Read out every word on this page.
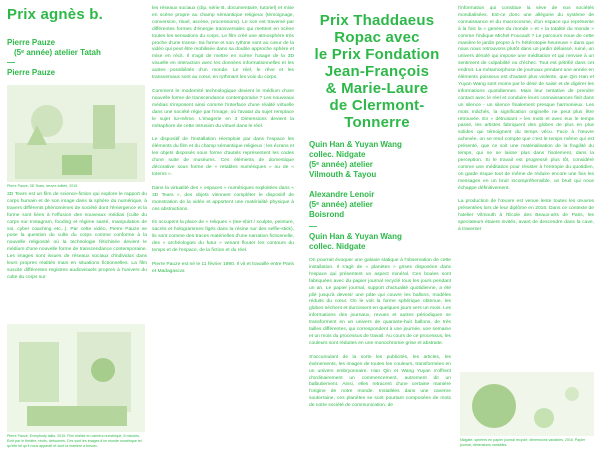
Prix agnès b.
Pierre Pauze
(5ᵉ année) atelier Tatah
—
Pierre Pauze
Pierre Pauze, 3D Tears, œuvre éditée, 2015.
3D Tears est un film de science-fiction qui explore le rapport du corps humain et de son image dans la sphère du numérique, à travers différents phénomènes de société dont l'émergence et la forme sont liées à l'effusion des nouveaux médias (culte du corps sur Instagram, fooding et régime santé, manipulation de soi, cyber coaching etc...). Par cette vidéo, Pierre Pauze se pose la question du culte du corps comme conforme à la nouvelle religiosité où la technologie fétichisée devient le médium d'une nouvelle forme de transcendance contemporaine. Les images sont issues de réseaux sociaux d'individus dans leurs propres réalités mais en situations fictionnelles. La film suscite différentes registres audiovisuels propres à l'univers du culte du corps sur
Pierre Pauze, Everybody talks, 2015. Film réalisé en caméra numérique, 6 minutes, Ecrit par le théâtre, récits, détournés, Ces sont les images d'un monde numérique tel qu'elle tel qu'il nous apparaît et dont la manière a besoin.

les réseaux sociaux (clip, série B, documentaire, tutoriel) et mise en scène propre au champ sémantique religieux (témoignage, conversion, rituel, ascèse, processions). Le son est traversé par différentes formes d'énergie transversales qui mettent en scène toutes les sensations du corps. Le film créé une atmosphère très proche d'une transe. Sa forme et son rythme sont au cœur de la vidéo qui peut être mobilisée dans sa double approche sphère et mise en récit. Il s'agit de mettre en scène l'usage de la 3D visuelle en interaction avec les données informationnelles et les autres possibilités d'un monde. Le réel, le rêve et les transversaux sont au cœur, en rythmant les voix du corps.

Comment le modernité technologique devient le médium d'une nouvelle forme de transcendance contemporaine ? Les nouveaux médias s'imposent ainsi comme l'interface d'une réalité virtuelle dans une société régie par l'image, où l'avatar du sujet remplace le sujet lui-même. L'imagerie en 3 Dimensions devient la métaphore de cette intrusion du virtuel dans le réel.

Le dispositif de l'installation réemploie par dans l'espace les éléments du film et du champ sémantique religieux ; les écrans et les objets disposés sous forme d'autels représentent les codes d'une suite de muséums. Ces éléments de domestique décorative sous forme de « retables numériques » ou de « totems ».

Dans la virtualité des « espaces » numériques exploitées dans « 3D Tears », des objets viennent compléter le dispositif de monstration de la vidéo et apportent une matérialité physique à ces abstractions.

Ils occupent la place de « reliques » (tee-shirt / sculpte, peinture, sacrés et hologrammes figés dans la résine sur des selfie-stick), ils sont comme des traces matérielles d'une narration fictionnelle, des « archéologies du futur » venant flouter les contours du temps et de l'espace, de la fiction et du réel.

Pierre Pauze est né le 11 février 1990. Il vit et travaille entre Paris et Madagascar.

Prix Thaddaeus
Ropac avec
le Prix Fondation
Jean-François
& Marie-Laure
de Clermont-
Tonnerre
Quin Han & Yuyan Wang
collec. Nidgate
(5ᵉ année) atelier
Vilmouth & Tayou
Alexandre Lenoir
(5ᵉ année) atelier
Boisrond
—
Quin Han & Yuyan Wang
collec. Nidgate

On pourrait évoquer une galaxie statique à l'observation de cette installation. Il s'agit de « planètes » grises disposées dans l'espace qui présentent un aspect minéral. Ces boules sont fabriquées avec du papier journal recyclé tous les jours pendant un an. Le papier journal, support d'actualité quotidienne, a été plié jusqu'à devenir une pâte qui couvre les ballons, modèles réduits du cœur. On le voit la forme sphérique obtenue, les globes séchent et durcissent en quelques jours vers un mois. Les informations des journaux, revues et autres périodiques se transforment en un univers de quarante-huit ballons, de très tailles différentes, qui correspondent à une journée, une semaine et un mois du processus de travail. Au cours de ce processus, les couleurs sont réduites en une monochromie grise et abstraite.

S'accumulant de la sorte les publicités, les articles, les événements, les images de toutes les couleurs, transformées en un univers embryonnaire. Han Qin et Wang Yuyan s'offrent d'ordinairement un commencement, autrement dit un balbutiement. Ainsi, elles retracent d'une certaine manière l'origine de notre monde. Installées dans une caverne souterraine, ces planètes se sont pourtant composées de mots de notre société de communication, de

l'information qui constitue la sève de nos sociétés mondialisées. Est-ce donc une allégorie du système de connaissance et du macrocosme, d'un espace qui représente à la fois la « genèse du monde » et « la totalité du monde » comme l'indique Michel Foucault ? Le parcours noue de cette manière le jardin propre à l'« hétérotopie heureuse » dans que nous nous retrouvons plutôt dans un jardin délaissé, ruiné, un univers désolé qui impose une méditation et qui renvoie à un sentiment de culpabilité ou d'échec. Tout est pétrifié dans cet endroit. La métamorphose de journaux pendant une année en éléments poisseux est d'autant plus violente, que Qin Han et Yuyan Wang sont moins par le désir de saisir et de digérer les informations quotidiennes. Mais leur tentative de prendre contact avec le réel et conduire leurs connaissances finit dans un silence - un silence finalement presque harmonieux. Les mots mâchés, la signification originelle ne peut plus être retrouvée. En « détruisant » les mots et avec eux le temps passé, les artistes fabriquent des globes de plus en plus solides qui témoignent du temps vécu. Face à l'œuvre achevée, on se rend compte que c'est le temps même qui est présenté, que ce soit une matérialisation de la fragilité du temps, qui ne se laisse plus dans l'isolement, dans la perception. Si le travail est progressé plus tôt, considéré comme une méditation pour résister à l'entropie du quotidien, on garde risque tout de même de réduire encore une fois les messages en un bruit incompréhensible, un bruit qui nous échappe définitivement.

La production de l'œuvre est venue lente toutes les œuvres présentées lors de leur diplôme en 2016. Dans ce contexte de l'atelier Vilmouth à l'École des Beaux-arts de Paris, les spectateurs étaient invités, avant de descendre dans la cave, à traverser

Nidgate, sphères en papier journal recyclé, dimensions variables, 2016. Papier journal, dimensions variables.
